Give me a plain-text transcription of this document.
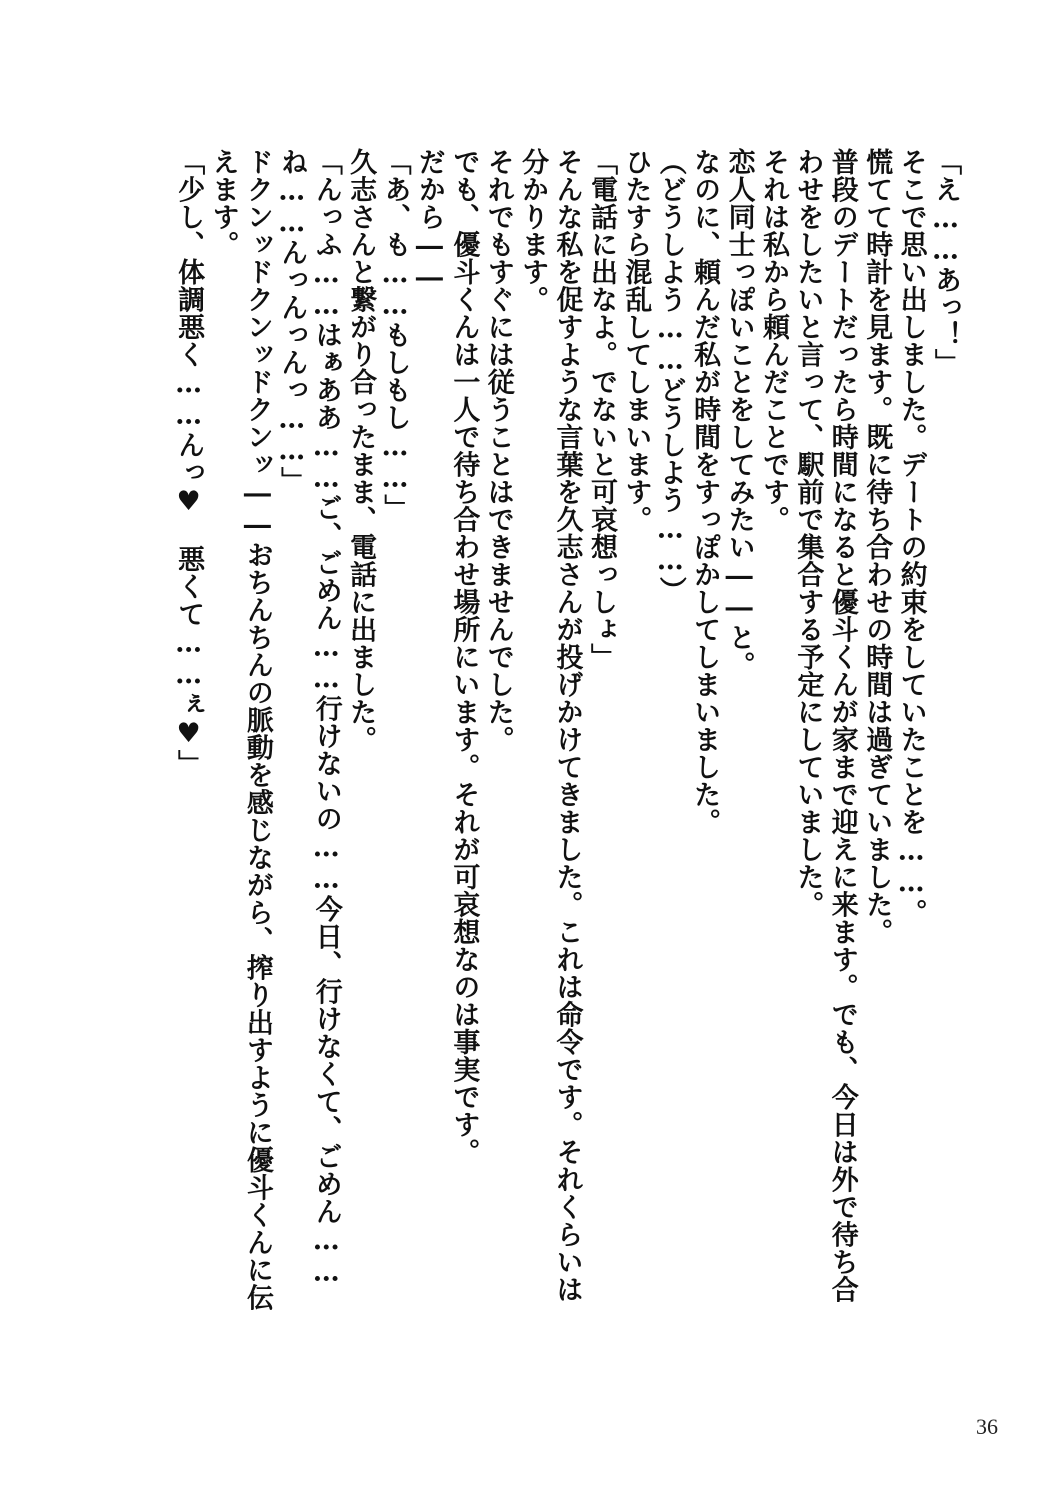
「え……あっ！」

そこで思い出しました。デートの約束をしていたことを……。

慌てて時計を見ます。既に待ち合わせの時間は過ぎていました。

普段のデートだったら時間になると優斗くんが家まで迎えに来ます。でも、今日は外で待ち合わせをしたいと言って、駅前で集合する予定にしていました。

それは私から頼んだことです。

恋人同士っぽいことをしてみたい――と。

なのに、頼んだ私が時間をすっぽかしてしまいました。

（どうしよう……どうしよう……）

ひたすら混乱してしまいます。

「電話に出なよ。でないと可哀想っしょ」

そんな私を促すような言葉を久志さんが投げかけてきました。これは命令です。それくらいは分かります。

それでもすぐには従うことはできませんでした。

でも、優斗くんは一人で待ち合わせ場所にいます。それが可哀想なのは事実です。

だから――

「あ、も……もしもし……」

久志さんと繋がり合ったまま、電話に出ました。

「んっふ……はぁああ……ご、ごめん……行けないの……今日、行けなくて、ごめん……ね……んっんっんっ……」

ドクンッドクンッドクンッ――おちんちんの脈動を感じながら、搾り出すように優斗くんに伝えます。

「少し、体調悪く……んっ♥　悪くて……ぇ♥」

36
